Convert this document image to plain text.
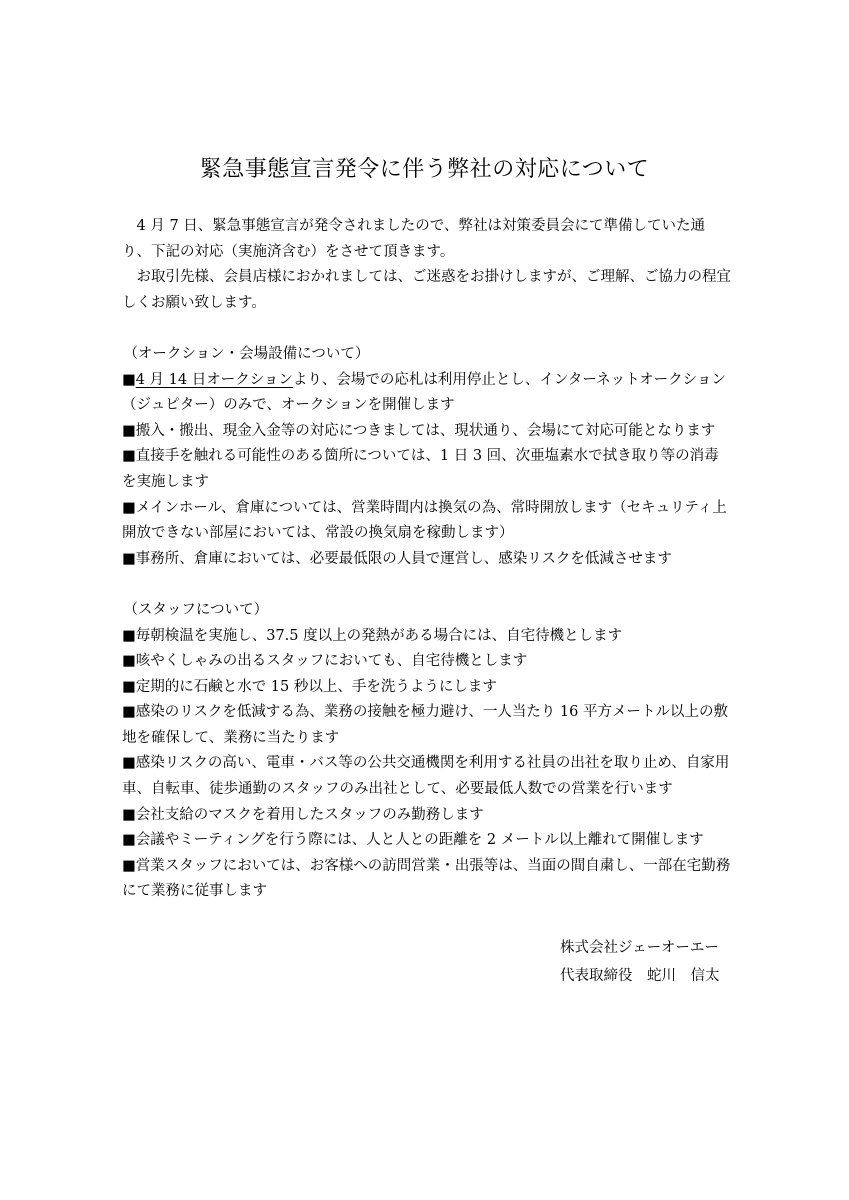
緊急事態宣言発令に伴う弊社の対応について

4 月 7 日、緊急事態宣言が発令されましたので、弊社は対策委員会にて準備していた通り、下記の対応（実施済含む）をさせて頂きます。

お取引先様、会員店様におかれましては、ご迷惑をお掛けしますが、ご理解、ご協力の程宜しくお願い致します。

（オークション・会場設備について）

■4 月 14 日オークションより、会場での応札は利用停止とし、インターネットオークション（ジュピター）のみで、オークションを開催します

■搬入・搬出、現金入金等の対応につきましては、現状通り、会場にて対応可能となります

■直接手を触れる可能性のある箇所については、1 日 3 回、次亜塩素水で拭き取り等の消毒を実施します

■メインホール、倉庫については、営業時間内は換気の為、常時開放します（セキュリティ上開放できない部屋においては、常設の換気扇を稼動します）

■事務所、倉庫においては、必要最低限の人員で運営し、感染リスクを低減させます

（スタッフについて）

■毎朝検温を実施し、37.5 度以上の発熱がある場合には、自宅待機とします

■咳やくしゃみの出るスタッフにおいても、自宅待機とします

■定期的に石鹸と水で 15 秒以上、手を洗うようにします

■感染のリスクを低減する為、業務の接触を極力避け、一人当たり 16 平方メートル以上の敷地を確保して、業務に当たります

■感染リスクの高い、電車・バス等の公共交通機関を利用する社員の出社を取り止め、自家用車、自転車、徒歩通勤のスタッフのみ出社として、必要最低人数での営業を行います

■会社支給のマスクを着用したスタッフのみ勤務します

■会議やミーティングを行う際には、人と人との距離を 2 メートル以上離れて開催します

■営業スタッフにおいては、お客様への訪問営業・出張等は、当面の間自粛し、一部在宅勤務にて業務に従事します

株式会社ジェーオーエー
代表取締役　蛇川　信太
